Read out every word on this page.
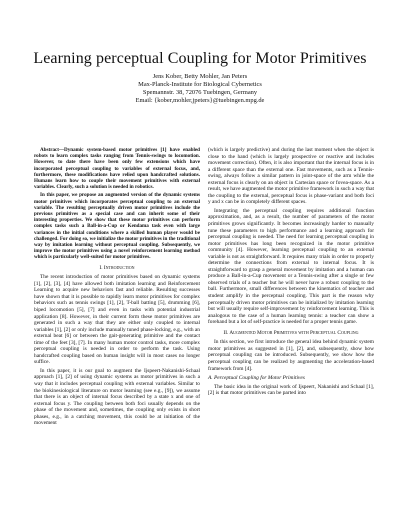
Learning perceptual Coupling for Motor Primitives
Jens Kober, Betty Mohler, Jan Peters
Max-Planck-Institute for Biological Cybernetics
Spemannstr. 38, 72076 Tuebingen, Germany
Email: {kober,mohler,jpeters}@tuebingen.mpg.de

Abstract—Dynamic system-based motor primitives [1] have enabled robots to learn complex tasks ranging from Tennis-swings to locomotion. However, to date there have been only few extensions which have incorporated perceptual coupling to variables of external focus, and, furthermore, these modifications have relied upon handcrafted solutions. Humans learn how to couple their movement primitives with external variables. Clearly, such a solution is needed in robotics.

In this paper, we propose an augmented version of the dynamic systems motor primitives which incorporates perceptual coupling to an external variable. The resulting perceptually driven motor primitives include the previous primitives as a special case and can inherit some of their interesting properties. We show that these motor primitives can perform complex tasks such a Ball-in-a-Cup or Kendama task even with large variances in the initial conditions where a skilled human player would be challenged. For doing so, we initialize the motor primitives in the traditional way by imitation learning without perceptual coupling. Subsequently, we improve the motor primitives using a novel reinforcement learning method which is particularly well-suited for motor primitives.

I. Introduction

The recent introduction of motor primitives based on dynamic systems [1], [2], [3], [4] have allowed both imitation learning and Reinforcement Learning to acquire new behaviors fast and reliable. Resulting successes have shown that it is possible to rapidly learn motor primitives for complex behaviors such as tennis swings [1], [2], T-ball batting [5], drumming [6], biped locomotion [5], [7] and even in tasks with potential industrial application [8]. However, in their current form these motor primitives are generated in such a way that they are either only coupled to internal variables [1], [2] or only include manually tuned phase-locking, e.g., with an external beat [6] or between the gait-generating primitive and the contact time of the feet [3], [7]. In many human motor control tasks, more complex perceptual coupling is needed in order to perform the task. Using handcrafted coupling based on human insight will in most cases no longer suffice.

In this paper, it is our goal to augment the Ijspeert-Nakanishi-Schaal approach [1], [2] of using dynamic systems as motor primitives in such a way that it includes perceptual coupling with external variables. Similar to the biokinesiological literature on motor learning (see e.g., [9]), we assume that there is an object of internal focus described by a state x and one of external focus y. The coupling between both foci usually depends on the phase of the movement and, sometimes, the coupling only exists in short phases, e.g., in a catching movement, this could be at initiation of the movement

(which is largely predictive) and during the last moment when the object is close to the hand (which is largely prospective or reactive and includes movement correction). Often, it is also important that the internal focus is in a different space than the external one. Fast movements, such as a Tennis-swing, always follow a similar pattern in joint-space of the arm while the external focus is clearly on an object in Cartesian space or fovea-space. As a result, we have augmented the motor primitive framework in such a way that the coupling to the external, perceptual focus is phase-variant and both foci y and x can be in completely different spaces.

Integrating the perceptual coupling requires additional function approximation, and, as a result, the number of parameters of the motor primitives grows significantly. It becomes increasingly harder to manually tune these parameters to high performance and a learning approach for perceptual coupling is needed. The need for learning perceptual coupling in motor primitives has long been recognized in the motor primitive community [4]. However, learning perceptual coupling to an external variable is not as straightforward. It requires many trials in order to properly determine the connections from external to internal focus. It is straightforward to grasp a general movement by imitation and a human can produce a Ball-in-a-Cup movement or a Tennis-swing after a single or few observed trials of a teacher but he will never have a robust coupling to the ball. Furthermore, small differences between the kinematics of teacher and student amplify in the perceptual coupling. This part is the reason why perceptually driven motor primitives can be initialized by imitation learning but will usually require self-improvement by reinforcement learning. This is analogous to the case of a human learning tennis: a teacher can show a forehand but a lot of self-practice is needed for a proper tennis game.

II. Augmented Motor Primitives with Perceptual Coupling

In this section, we first introduce the general idea behind dynamic system motor primitives as suggested in [1], [2], and, subsequently, show how perceptual coupling can be introduced. Subsequently, we show how the perceptual coupling can be realized by augmenting the acceleration-based framework from [4].

A. Perceptual Coupling for Motor Primitives

The basic idea in the original work of Ijspeert, Nakanishi and Schaal [1], [2] is that motor primitives can be parted into
